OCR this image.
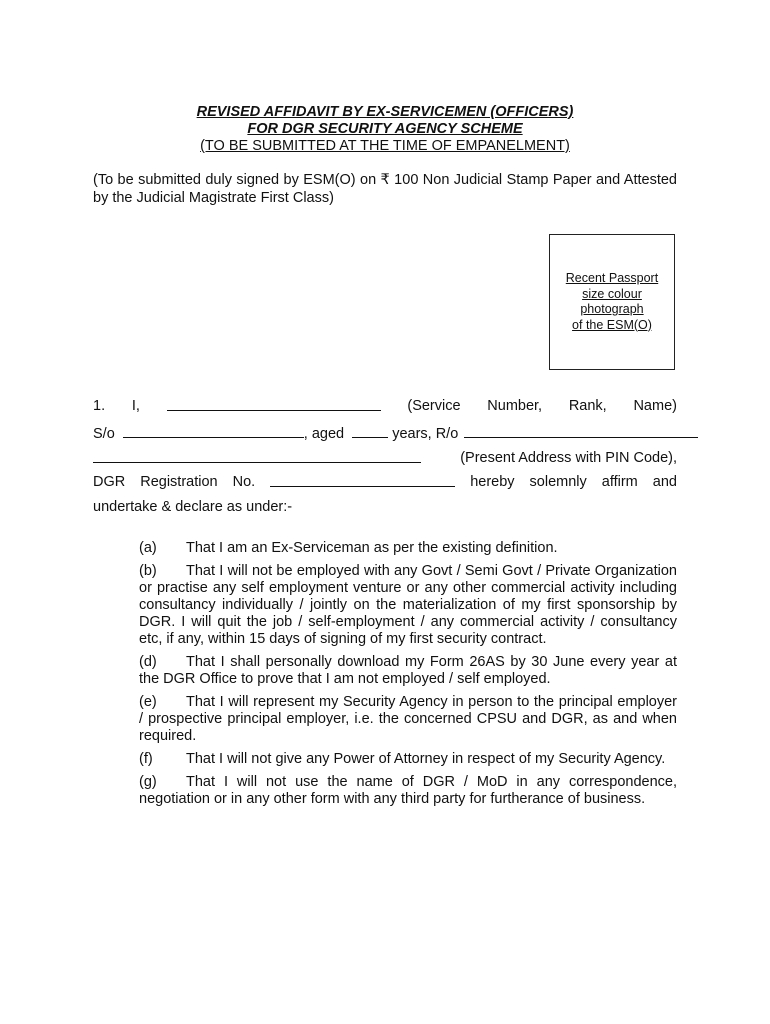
REVISED AFFIDAVIT BY EX-SERVICEMEN (OFFICERS)
FOR DGR SECURITY AGENCY SCHEME
(TO BE SUBMITTED AT THE TIME OF EMPANELMENT)
(To be submitted duly signed by ESM(O) on ₹ 100 Non Judicial Stamp Paper and Attested by the Judicial Magistrate First Class)
Recent Passport
size colour
photograph
of the ESM(O)
1. I,	(Service Number, Rank, Name)
S/o	, aged	years, R/o
(Present Address with PIN Code),
DGR Registration No.	hereby solemnly affirm and
undertake & declare as under:-
(a) That I am an Ex-Serviceman as per the existing definition.
(b) That I will not be employed with any Govt / Semi Govt / Private Organization or practise any self employment venture or any other commercial activity including consultancy individually / jointly on the materialization of my first sponsorship by DGR. I will quit the job / self-employment / any commercial activity / consultancy etc, if any, within 15 days of signing of my first security contract.
(d) That I shall personally download my Form 26AS by 30 June every year at the DGR Office to prove that I am not employed / self employed.
(e) That I will represent my Security Agency in person to the principal employer / prospective principal employer, i.e. the concerned CPSU and DGR, as and when required.
(f) That I will not give any Power of Attorney in respect of my Security Agency.
(g) That I will not use the name of DGR / MoD in any correspondence, negotiation or in any other form with any third party for furtherance of business.
